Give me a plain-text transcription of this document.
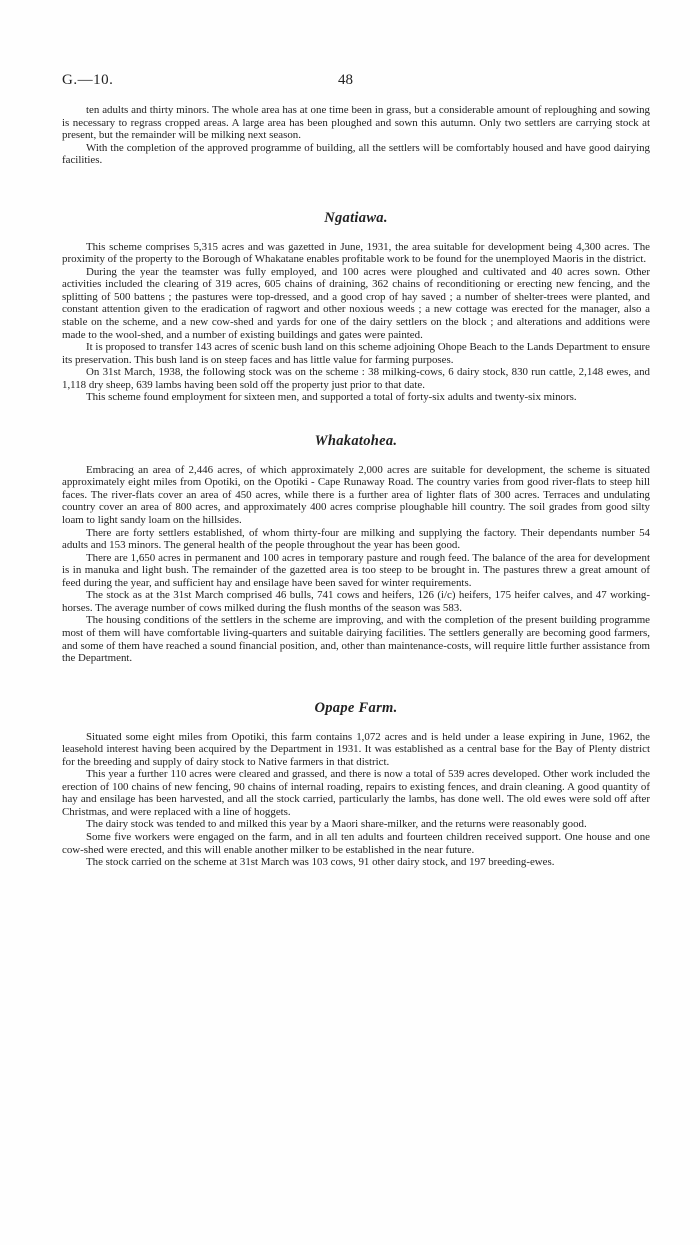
G.—10.	48

ten adults and thirty minors. The whole area has at one time been in grass, but a considerable amount of reploughing and sowing is necessary to regrass cropped areas. A large area has been ploughed and sown this autumn. Only two settlers are carrying stock at present, but the remainder will be milking next season.

With the completion of the approved programme of building, all the settlers will be comfortably housed and have good dairying facilities.

Ngatiawa.

This scheme comprises 5,315 acres and was gazetted in June, 1931, the area suitable for development being 4,300 acres. The proximity of the property to the Borough of Whakatane enables profitable work to be found for the unemployed Maoris in the district.

During the year the teamster was fully employed, and 100 acres were ploughed and cultivated and 40 acres sown. Other activities included the clearing of 319 acres, 605 chains of draining, 362 chains of reconditioning or erecting new fencing, and the splitting of 500 battens ; the pastures were top-dressed, and a good crop of hay saved ; a number of shelter-trees were planted, and constant attention given to the eradication of ragwort and other noxious weeds ; a new cottage was erected for the manager, also a stable on the scheme, and a new cow-shed and yards for one of the dairy settlers on the block ; and alterations and additions were made to the wool-shed, and a number of existing buildings and gates were painted.

It is proposed to transfer 143 acres of scenic bush land on this scheme adjoining Ohope Beach to the Lands Department to ensure its preservation. This bush land is on steep faces and has little value for farming purposes.

On 31st March, 1938, the following stock was on the scheme : 38 milking-cows, 6 dairy stock, 830 run cattle, 2,148 ewes, and 1,118 dry sheep, 639 lambs having been sold off the property just prior to that date.

This scheme found employment for sixteen men, and supported a total of forty-six adults and twenty-six minors.

Whakatohea.

Embracing an area of 2,446 acres, of which approximately 2,000 acres are suitable for development, the scheme is situated approximately eight miles from Opotiki, on the Opotiki - Cape Runaway Road. The country varies from good river-flats to steep hill faces. The river-flats cover an area of 450 acres, while there is a further area of lighter flats of 300 acres. Terraces and undulating country cover an area of 800 acres, and approximately 400 acres comprise ploughable hill country. The soil grades from good silty loam to light sandy loam on the hillsides.

There are forty settlers established, of whom thirty-four are milking and supplying the factory. Their dependants number 54 adults and 153 minors. The general health of the people throughout the year has been good.

There are 1,650 acres in permanent and 100 acres in temporary pasture and rough feed. The balance of the area for development is in manuka and light bush. The remainder of the gazetted area is too steep to be brought in. The pastures threw a great amount of feed during the year, and sufficient hay and ensilage have been saved for winter requirements.

The stock as at the 31st March comprised 46 bulls, 741 cows and heifers, 126 (i/c) heifers, 175 heifer calves, and 47 working-horses. The average number of cows milked during the flush months of the season was 583.

The housing conditions of the settlers in the scheme are improving, and with the completion of the present building programme most of them will have comfortable living-quarters and suitable dairying facilities. The settlers generally are becoming good farmers, and some of them have reached a sound financial position, and, other than maintenance-costs, will require little further assistance from the Department.

Opape Farm.

Situated some eight miles from Opotiki, this farm contains 1,072 acres and is held under a lease expiring in June, 1962, the leasehold interest having been acquired by the Department in 1931. It was established as a central base for the Bay of Plenty district for the breeding and supply of dairy stock to Native farmers in that district.

This year a further 110 acres were cleared and grassed, and there is now a total of 539 acres developed. Other work included the erection of 100 chains of new fencing, 90 chains of internal roading, repairs to existing fences, and drain cleaning. A good quantity of hay and ensilage has been harvested, and all the stock carried, particularly the lambs, has done well. The old ewes were sold off after Christmas, and were replaced with a line of hoggets.

The dairy stock was tended to and milked this year by a Maori share-milker, and the returns were reasonably good.

Some five workers were engaged on the farm, and in all ten adults and fourteen children received support. One house and one cow-shed were erected, and this will enable another milker to be established in the near future.

The stock carried on the scheme at 31st March was 103 cows, 91 other dairy stock, and 197 breeding-ewes.
